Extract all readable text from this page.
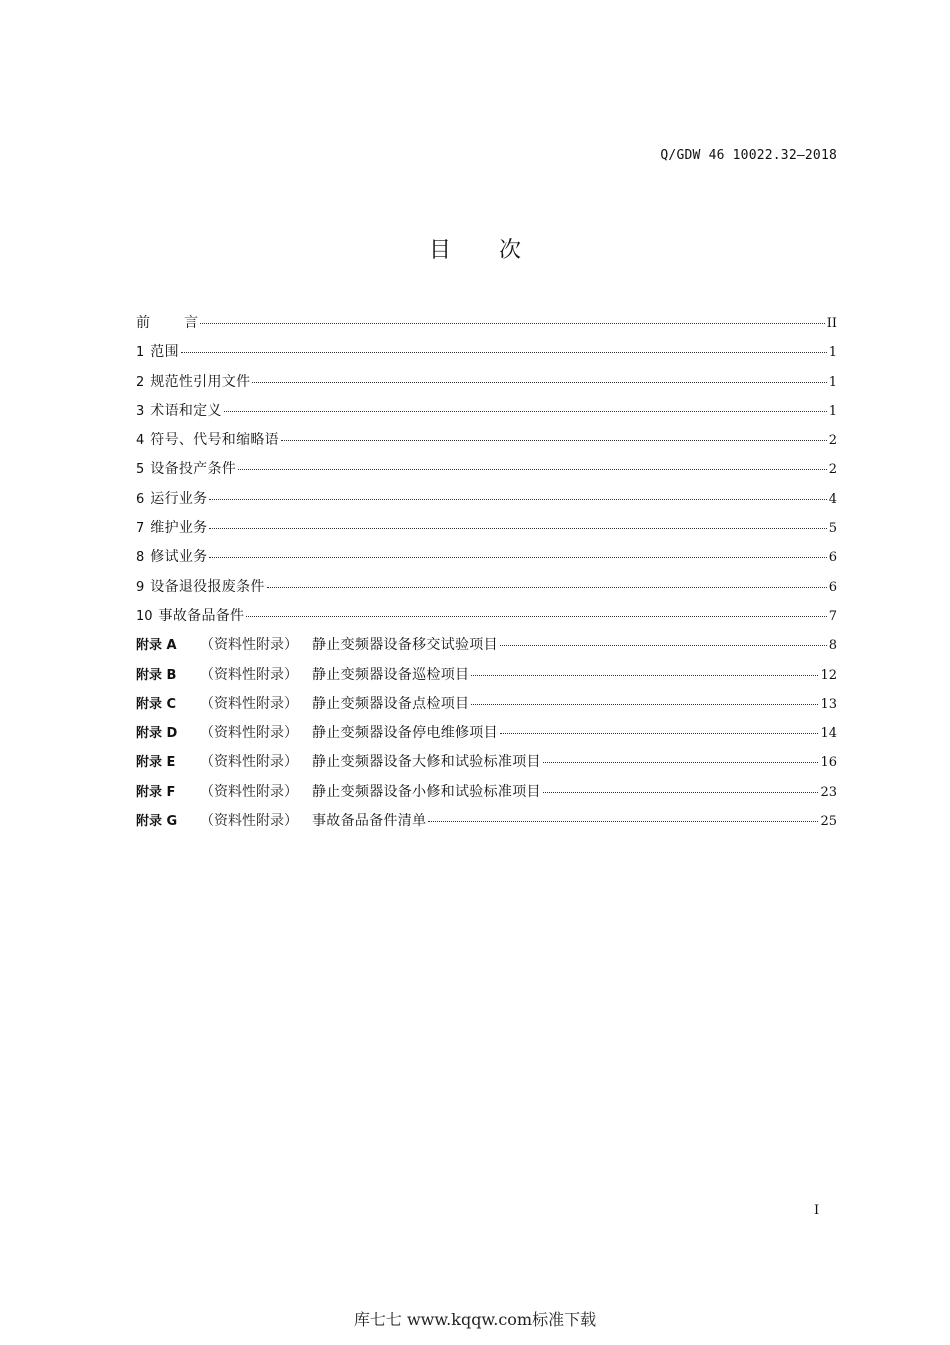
Q/GDW 46 10022.32—2018
目 次
前 言	II
1 范围	1
2 规范性引用文件	1
3 术语和定义	1
4 符号、代号和缩略语	2
5 设备投产条件	2
6 运行业务	4
7 维护业务	5
8 修试业务	6
9 设备退役报废条件	6
10 事故备品备件	7
附录 A	（资料性附录） 静止变频器设备移交试验项目	8
附录 B	（资料性附录） 静止变频器设备巡检项目	12
附录 C	（资料性附录） 静止变频器设备点检项目	13
附录 D	（资料性附录） 静止变频器设备停电维修项目	14
附录 E	（资料性附录） 静止变频器设备大修和试验标准项目	16
附录 F	（资料性附录） 静止变频器设备小修和试验标准项目	23
附录 G	（资料性附录） 事故备品备件清单	25
I
库七七 www.kqqw.com标准下载
